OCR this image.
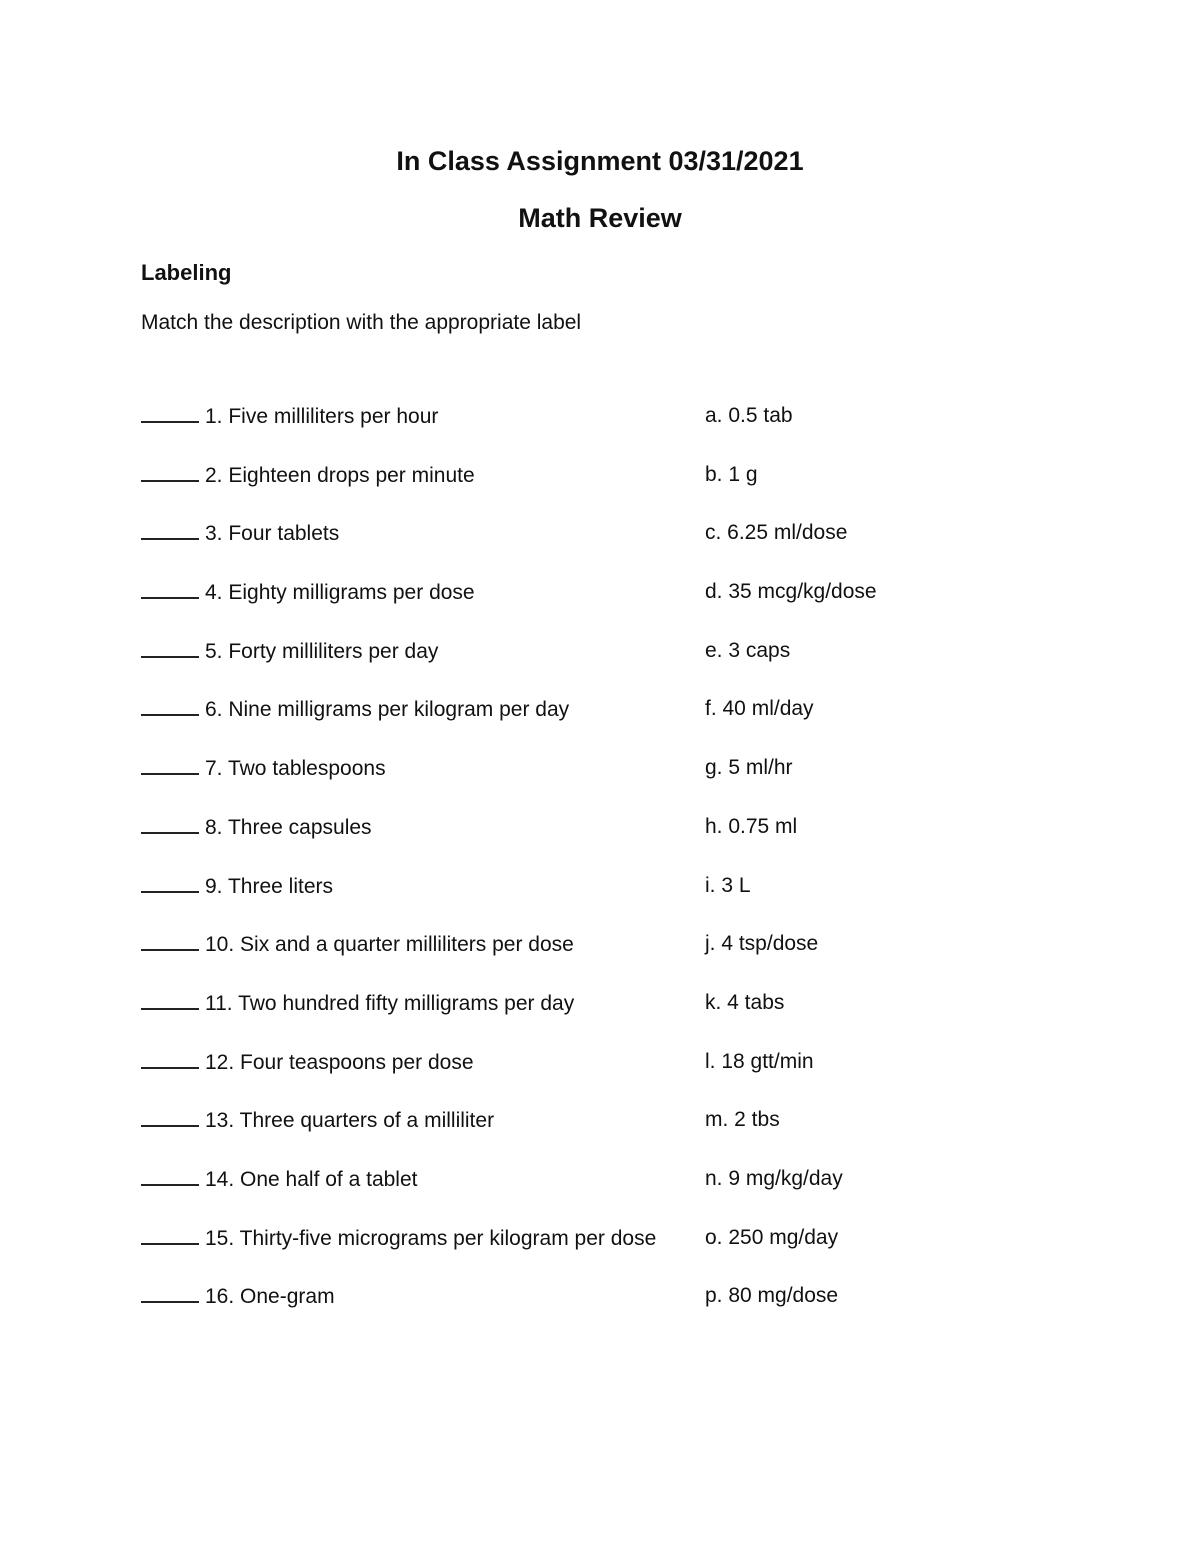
In Class Assignment 03/31/2021
Math Review
Labeling

Match the description with the appropriate label

1. Five milliliters per hour	a. 0.5 tab
2. Eighteen drops per minute	b. 1 g
3. Four tablets	c. 6.25 ml/dose
4. Eighty milligrams per dose	d. 35 mcg/kg/dose
5. Forty milliliters per day	e. 3 caps
6. Nine milligrams per kilogram per day	f. 40 ml/day
7. Two tablespoons	g. 5 ml/hr
8. Three capsules	h. 0.75 ml
9. Three liters	i. 3 L
10. Six and a quarter milliliters per dose	j. 4 tsp/dose
11. Two hundred fifty milligrams per day	k. 4 tabs
12. Four teaspoons per dose	l. 18 gtt/min
13. Three quarters of a milliliter	m. 2 tbs
14. One half of a tablet	n. 9 mg/kg/day
15. Thirty-five micrograms per kilogram per dose o. 250 mg/day
16. One-gram	p. 80 mg/dose
